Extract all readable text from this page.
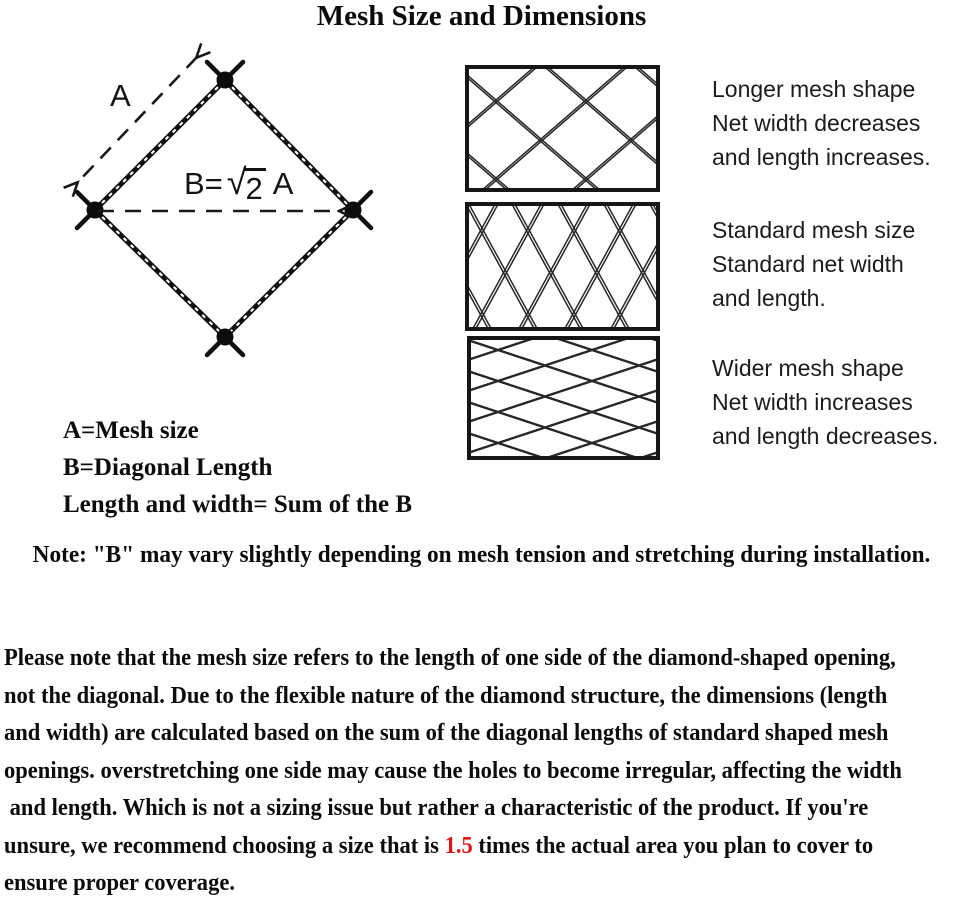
Mesh Size and Dimensions
A
B= √ 2 A
Longer mesh shape
Net width decreases
and length increases.
Standard mesh size
Standard net width
and length.
Wider mesh shape
Net width increases
and length decreases.
A=Mesh size
B=Diagonal Length
Length and width= Sum of the B
Note: "B" may vary slightly depending on mesh tension and stretching during installation.
Please note that the mesh size refers to the length of one side of the diamond-shaped opening,
not the diagonal. Due to the flexible nature of the diamond structure, the dimensions (length
and width) are calculated based on the sum of the diagonal lengths of standard shaped mesh
openings. overstretching one side may cause the holes to become irregular, affecting the width
and length. Which is not a sizing issue but rather a characteristic of the product. If you're
unsure, we recommend choosing a size that is 1.5 times the actual area you plan to cover to
ensure proper coverage.
